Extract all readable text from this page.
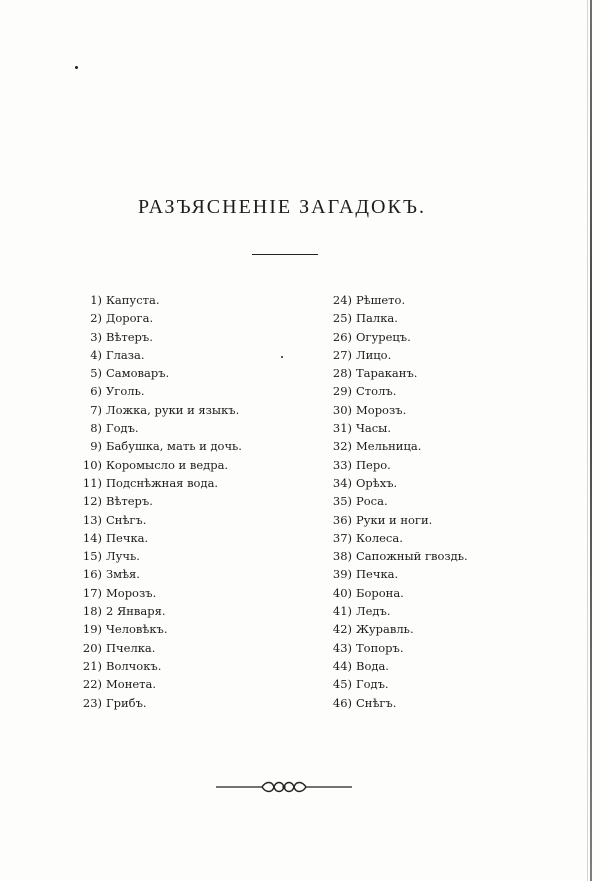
РАЗЪЯСНЕНІЕ ЗАГАДОКЪ.
1) Капуста.
2) Дорога.
3) Вѣтеръ.
4) Глаза.
5) Самоваръ.
6) Уголь.
7) Ложка, руки и языкъ.
8) Годъ.
9) Бабушка, мать и дочь.
10) Коромысло и ведра.
11) Подснѣжная вода.
12) Вѣтеръ.
13) Снѣгъ.
14) Печка.
15) Лучь.
16) Змѣя.
17) Морозъ.
18) 2 Января.
19) Человѣкъ.
20) Пчелка.
21) Волчокъ.
22) Монета.
23) Грибъ.
24) Рѣшето.
25) Палка.
26) Огурецъ.
27) Лицо.
28) Тараканъ.
29) Столъ.
30) Морозъ.
31) Часы.
32) Мельница.
33) Перо.
34) Орѣхъ.
35) Роса.
36) Руки и ноги.
37) Колеса.
38) Сапожный гвоздь.
39) Печка.
40) Борона.
41) Ледъ.
42) Журавль.
43) Топоръ.
44) Вода.
45) Годъ.
46) Снѣгъ.
